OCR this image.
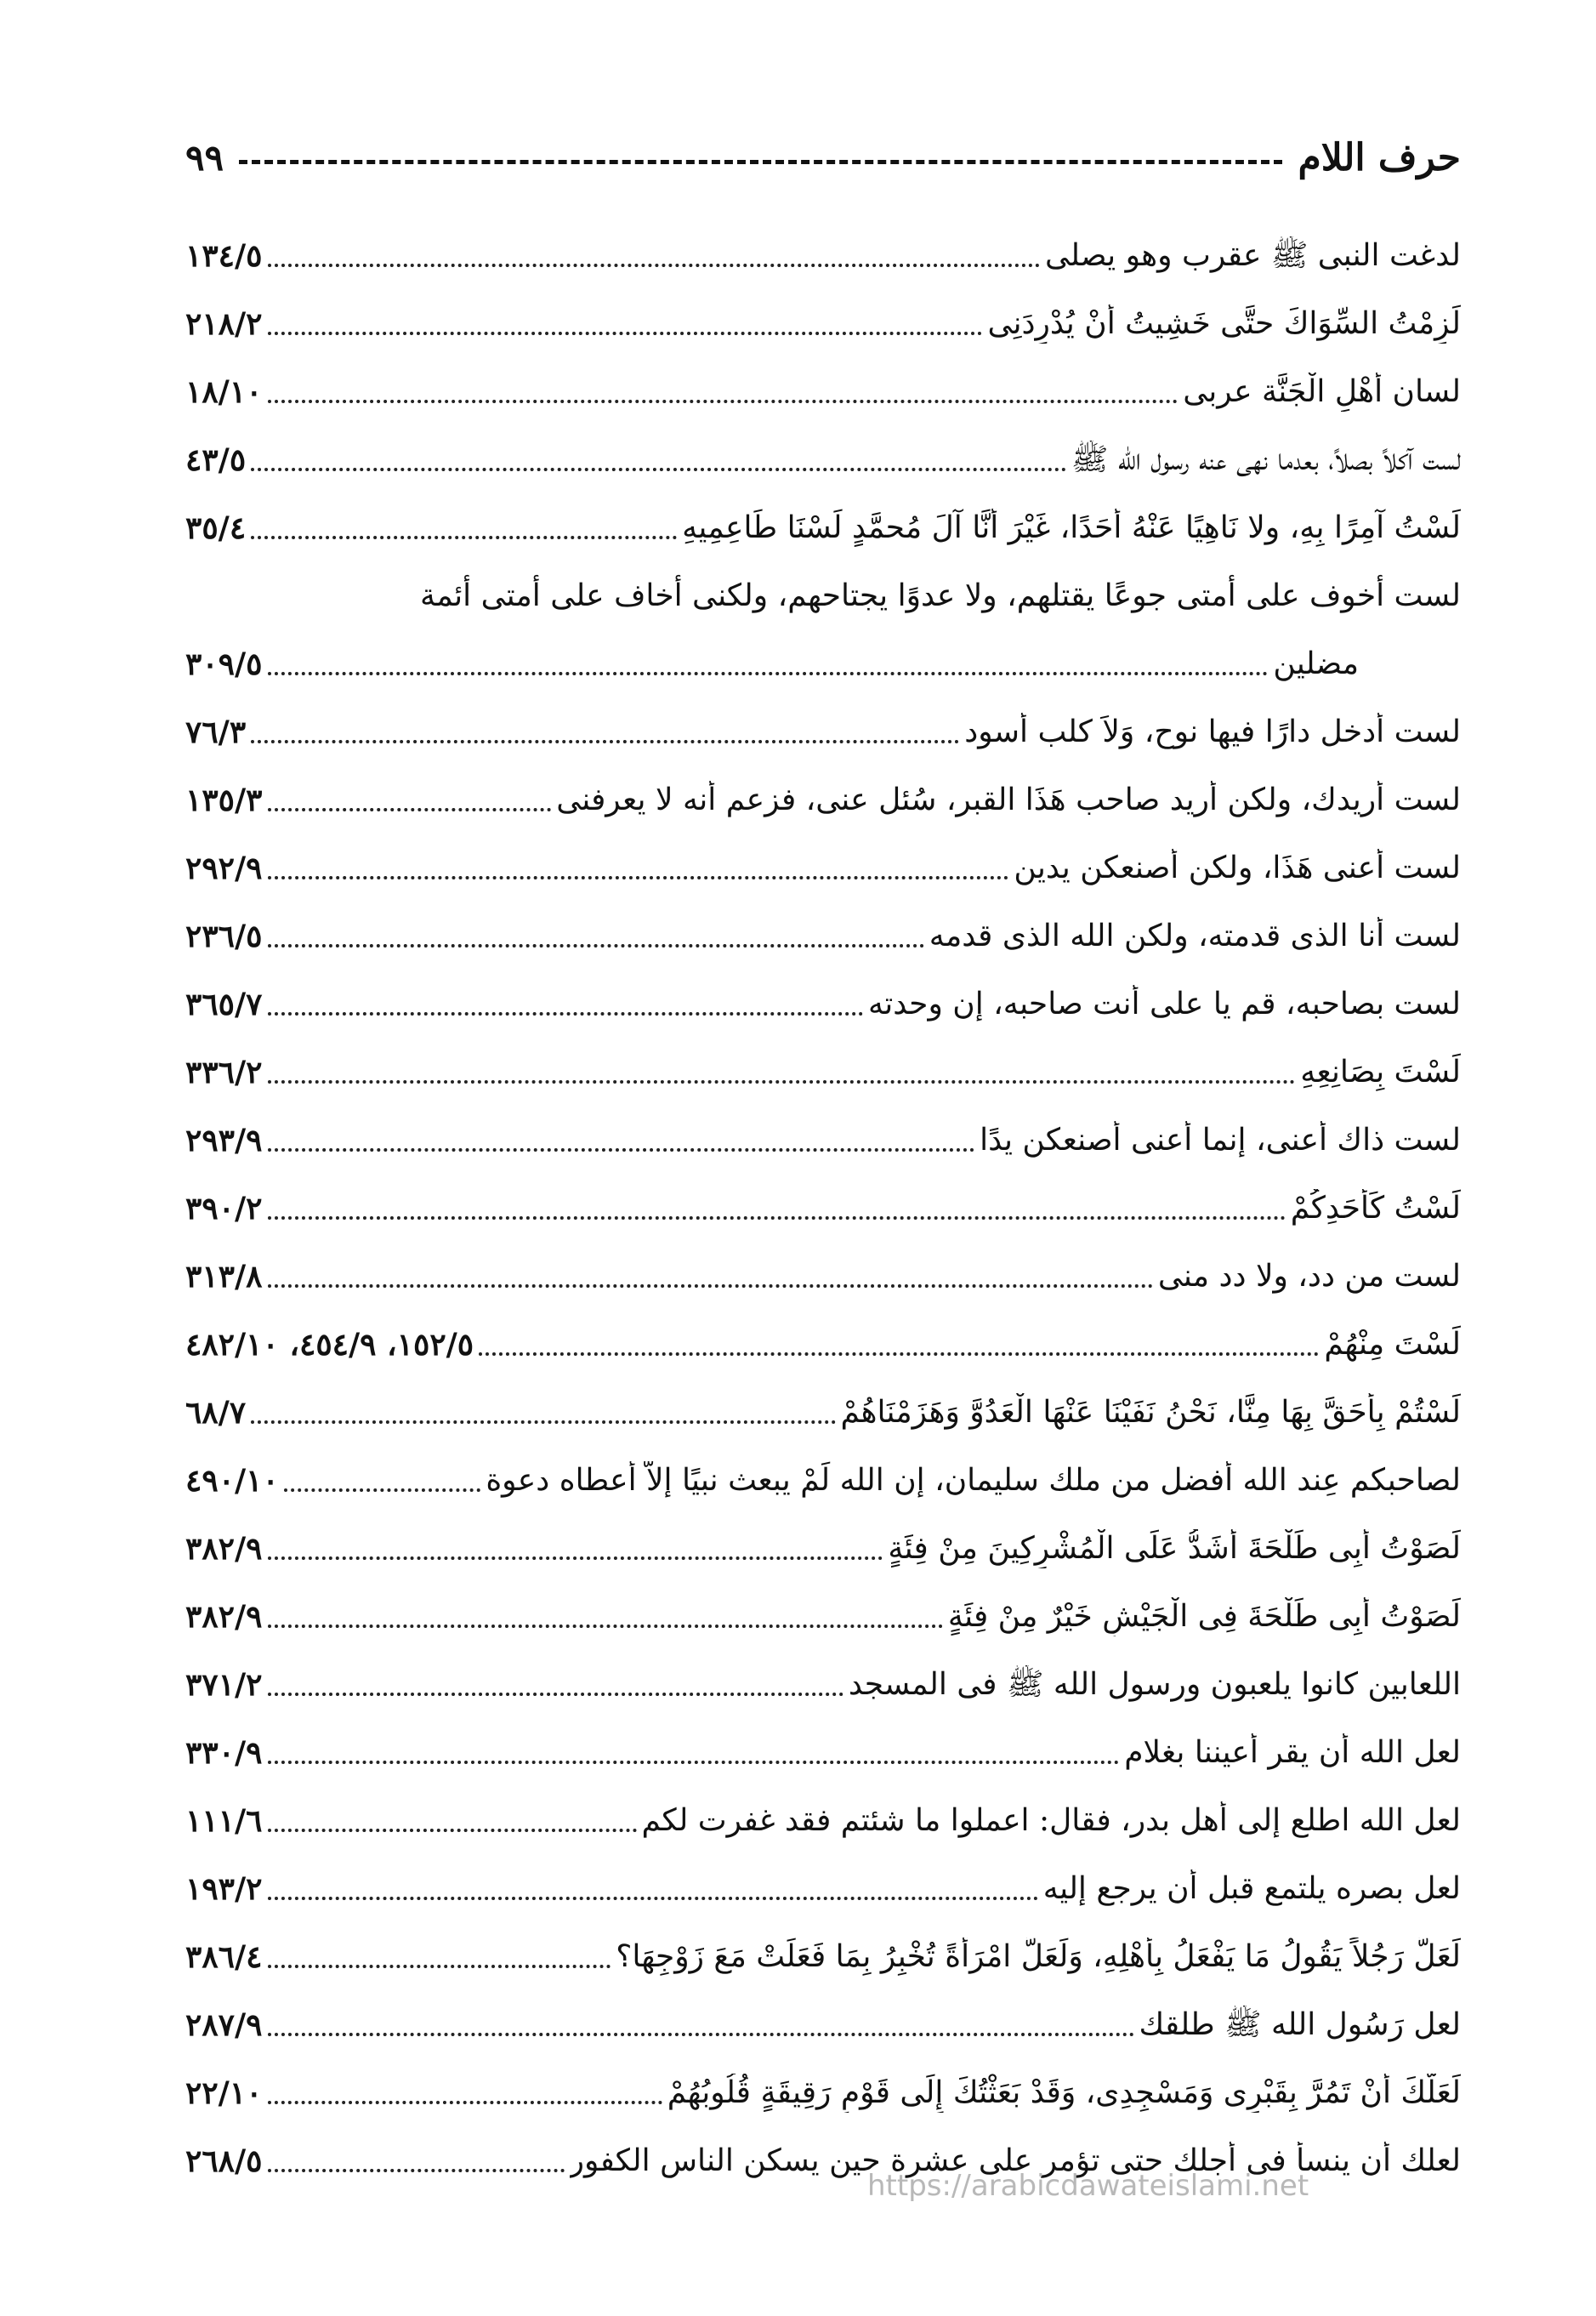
حرف اللام
٩٩
لدغت النبى ﷺ عقرب وهو يصلى
١٣٤/٥
لَزِمْتُ السِّوَاكَ حتَّى خَشِيتُ أنْ يُدْرِدَنِى
٢١٨/٢
لسان أَهْلِ الْجَنَّة عربى
١٨/١٠
لست آكلاً بصلاً، بعدما نهى عنه رسول الله ﷺ
٤٣/٥
لَسْتُ آمِرًا بِهِ، ولا نَاهِيًا عَنْهُ أَحَدًا، غَيْرَ أَنَّا آلَ مُحمَّدٍ لَسْنَا طَاعِمِيهِ
٣٥/٤
لست أخوف على أمتى جوعًا يقتلهم، ولا عدوًا يجتاحهم، ولكنى أخاف على أمتى أئمة
مضلين
٣٠٩/٥
لست أدخل دارًا فيها نوح، وَلاَ كلب أسود
٧٦/٣
لست أريدك، ولكن أريد صاحب هَذَا القبر، سُئل عنى، فزعم أنه لا يعرفنى
١٣٥/٣
لست أعنى هَذَا، ولكن أصنعكن يدين
٢٩٢/٩
لست أنا الذى قدمته، ولكن الله الذى قدمه
٢٣٦/٥
لست بصاحبه، قم يا على أنت صاحبه، إن وحدته
٣٦٥/٧
لَسْتَ بِصَانِعِهِ
٣٣٦/٢
لست ذاك أعنى، إنما أعنى أصنعكن يدًا
٢٩٣/٩
لَسْتُ كَأَحَدِكُمْ
٣٩٠/٢
لست من دد، ولا دد منى
٣١٣/٨
لَسْتَ مِنْهُمْ
١٥٢/٥، ٤٥٤/٩، ٤٨٢/١٠
لَسْتُمْ بِأَحَقَّ بِهَا مِنَّا، نَحْنُ نَفَيْنَا عَنْهَا الْعَدُوَّ وَهَزَمْنَاهُمْ
٦٨/٧
لصاحبكم عِند الله أفضل من ملك سليمان، إن الله لَمْ يبعث نبيًا إلاَّ أعطاه دعوة
٤٩٠/١٠
لَصَوْتُ أَبِى طَلْحَةَ أَشَدُّ عَلَى الْمُشْرِكِينَ مِنْ فِئَةٍ
٣٨٢/٩
لَصَوْتُ أَبِى طَلْحَةَ فِى الْجَيْشِ خَيْرٌ مِنْ فِئَةٍ
٣٨٢/٩
اللعابين كانوا يلعبون ورسول الله ﷺ فى المسجد
٣٧١/٢
لعل الله أن يقر أعيننا بغلام
٣٣٠/٩
لعل الله اطلع إلى أهل بدر، فقال: اعملوا ما شئتم فقد غفرت لكم
١١١/٦
لعل بصره يلتمع قبل أن يرجع إليه
١٩٣/٢
لَعَلَّ رَجُلاً يَقُولُ مَا يَفْعَلُ بِأَهْلِهِ، وَلَعَلَّ امْرَأَةً تُخْبِرُ بِمَا فَعَلَتْ مَعَ زَوْجِهَا؟
٣٨٦/٤
لعل رَسُول الله ﷺ طلقك
٢٨٧/٩
لَعَلَّكَ أَنْ تَمُرَّ بِقَبْرِى وَمَسْجِدِى، وَقَدْ بَعَثْتُكَ إِلَى قَوْمٍ رَقِيقَةٍ قُلُوبُهُمْ
٢٢/١٠
لعلك أن ينسأ فى أجلك حتى تؤمر على عشرة حين يسكن الناس الكفور
٢٦٨/٥
https://arabicdawateislami.net
